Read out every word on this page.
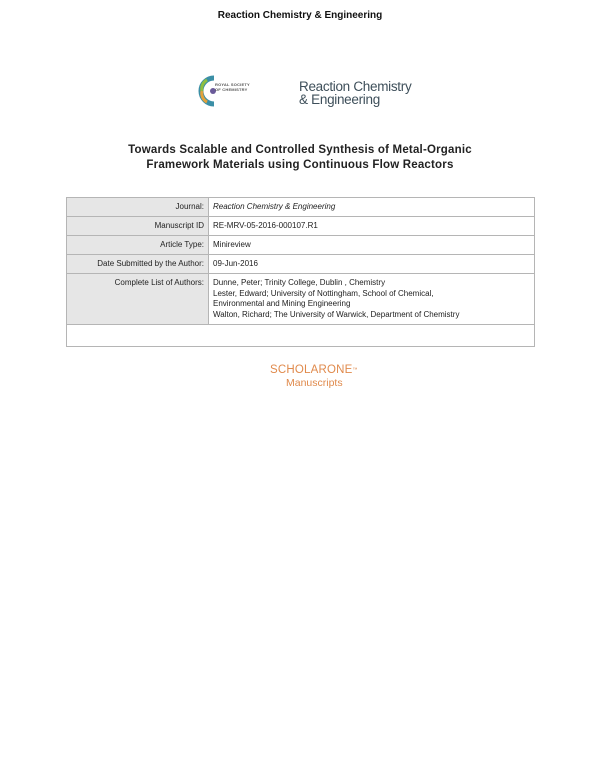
Reaction Chemistry & Engineering
ROYAL SOCIETY
OF CHEMISTRY	Reaction Chemistry
& Engineering
Towards Scalable and Controlled Synthesis of Metal-Organic
Framework Materials using Continuous Flow Reactors
Journal:	Reaction Chemistry & Engineering
Manuscript ID	RE-MRV-05-2016-000107.R1
Article Type:	Minireview
Date Submitted by the Author:	09-Jun-2016
Complete List of Authors:	Dunne, Peter; Trinity College, Dublin , Chemistry
Lester, Edward; University of Nottingham, School of Chemical,
Environmental and Mining Engineering
Walton, Richard; The University of Warwick, Department of Chemistry

SCHOLARONE™
Manuscripts
